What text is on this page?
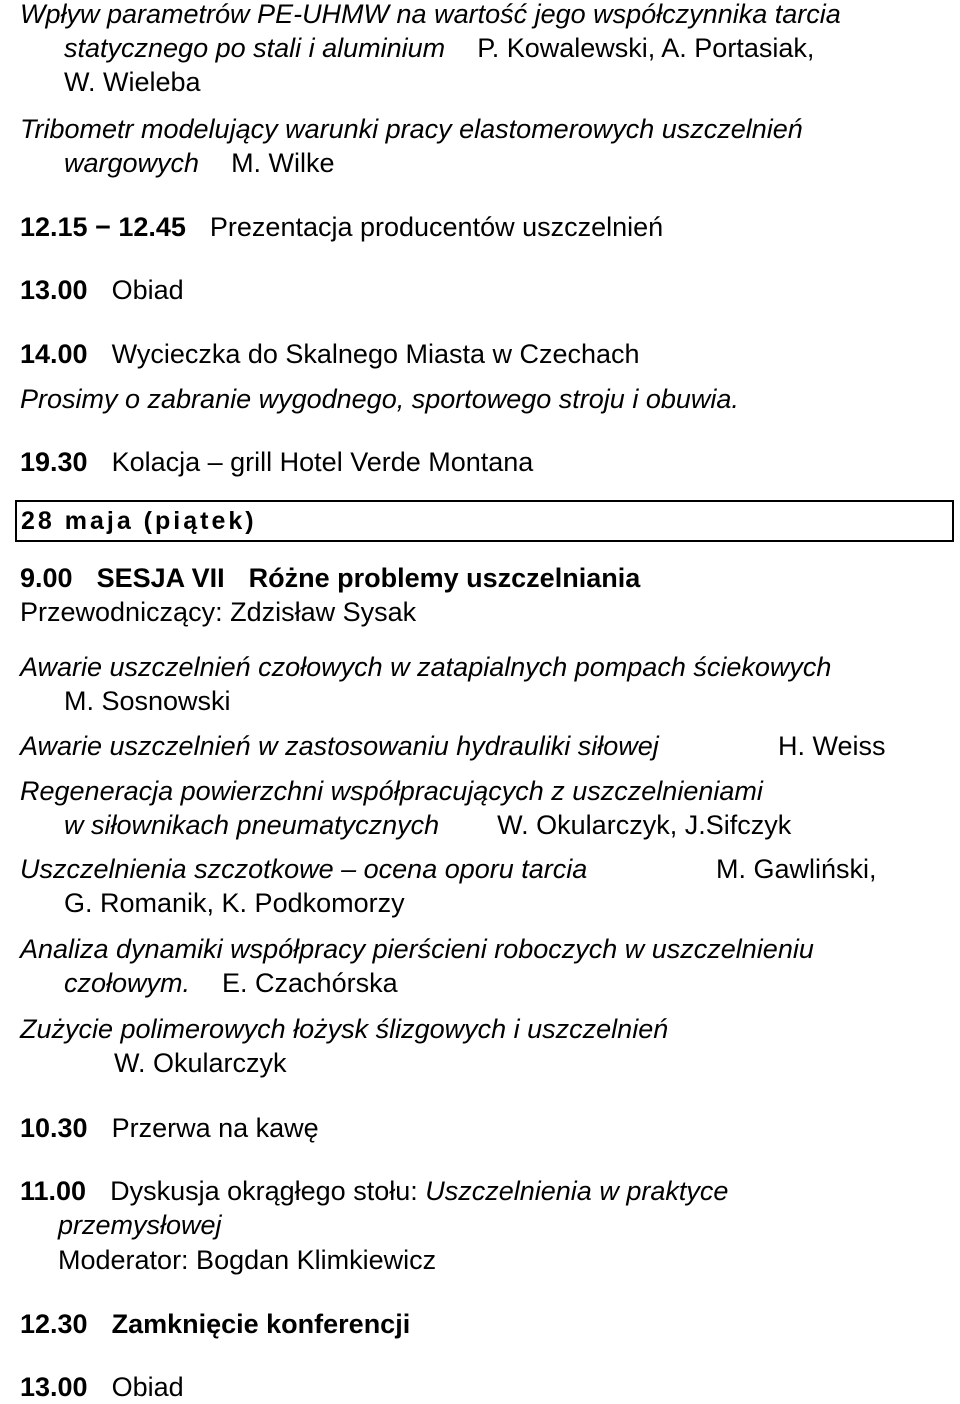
Wpływ parametrów PE-UHMW na wartość jego współczynnika tarcia
statycznego po stali i aluminium P. Kowalewski, A. Portasiak,
W. Wieleba
Tribometr modelujący warunki pracy elastomerowych uszczelnień
wargowych M. Wilke
12.15 − 12.45 Prezentacja producentów uszczelnień
13.00 Obiad
14.00 Wycieczka do Skalnego Miasta w Czechach
Prosimy o zabranie wygodnego, sportowego stroju i obuwia.
19.30 Kolacja – grill Hotel Verde Montana
28 maja (piątek)
9.00 SESJA VII Różne problemy uszczelniania
Przewodniczący: Zdzisław Sysak
Awarie uszczelnień czołowych w zatapialnych pompach ściekowych
M. Sosnowski
Awarie uszczelnień w zastosowaniu hydrauliki siłowej	H. Weiss
Regeneracja powierzchni współpracujących z uszczelnieniami
w siłownikach pneumatycznych W. Okularczyk, J.Sifczyk
Uszczelnienia szczotkowe – ocena oporu tarcia	M. Gawliński,
G. Romanik, K. Podkomorzy
Analiza dynamiki współpracy pierścieni roboczych w uszczelnieniu
czołowym. E. Czachórska
Zużycie polimerowych łożysk ślizgowych i uszczelnień
W. Okularczyk
10.30 Przerwa na kawę
11.00 Dyskusja okrągłego stołu: Uszczelnienia w praktyce
przemysłowej
Moderator: Bogdan Klimkiewicz
12.30 Zamknięcie konferencji
13.00 Obiad
